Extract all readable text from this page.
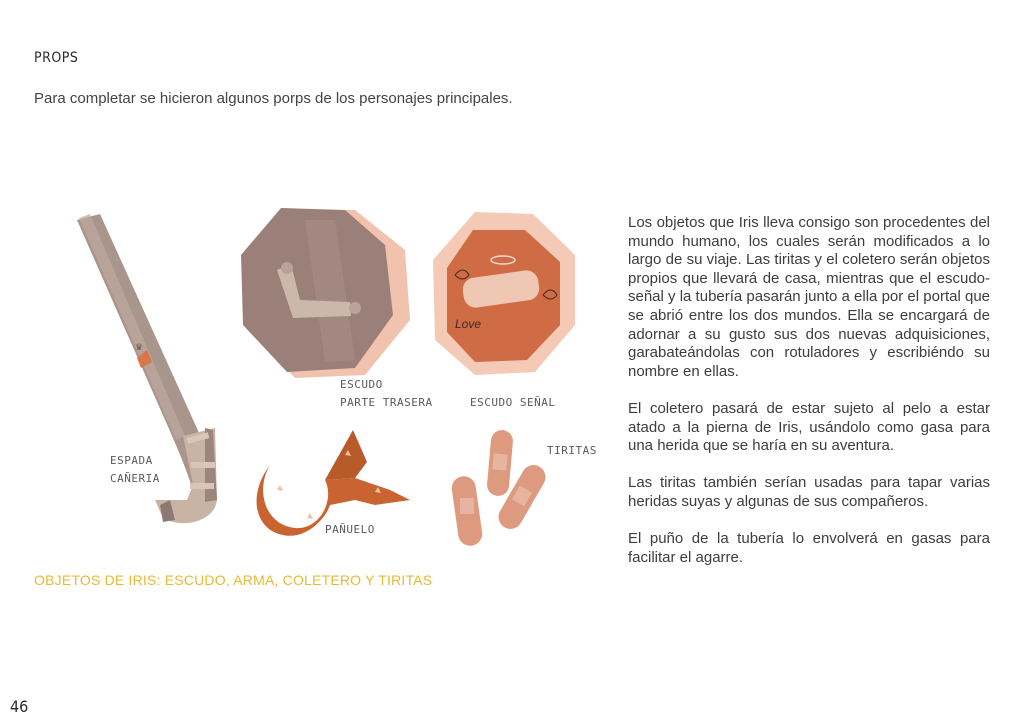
PROPS
Para completar se hicieron algunos porps de los personajes principales.
♛
ESPADA
CAÑERIA
ESCUDO
PARTE TRASERA
Love
ESCUDO SEÑAL
PAÑUELO
TIRITAS

Los objetos que Iris lleva consigo son procedentes del mundo humano, los cuales serán modificados a lo largo de su viaje. Las tiritas y el coletero serán objetos propios que llevará de casa, mientras que el escudo-señal y la tubería pasarán junto a ella por el portal que se abrió entre los dos mundos. Ella se encargará de adornar a su gusto sus dos nuevas adquisiciones, garabateándolas con rotuladores y escribiéndo su nombre en ellas.

El coletero pasará de estar sujeto al pelo a estar atado a la pierna de Iris, usándolo como gasa para una herida que se haría en su aventura.

Las tiritas también serían usadas para tapar varias heridas suyas y algunas de sus compañeros.

El puño de la tubería lo envolverá en gasas para facilitar el agarre.

OBJETOS DE IRIS: ESCUDO, ARMA, COLETERO Y TIRITAS
46
